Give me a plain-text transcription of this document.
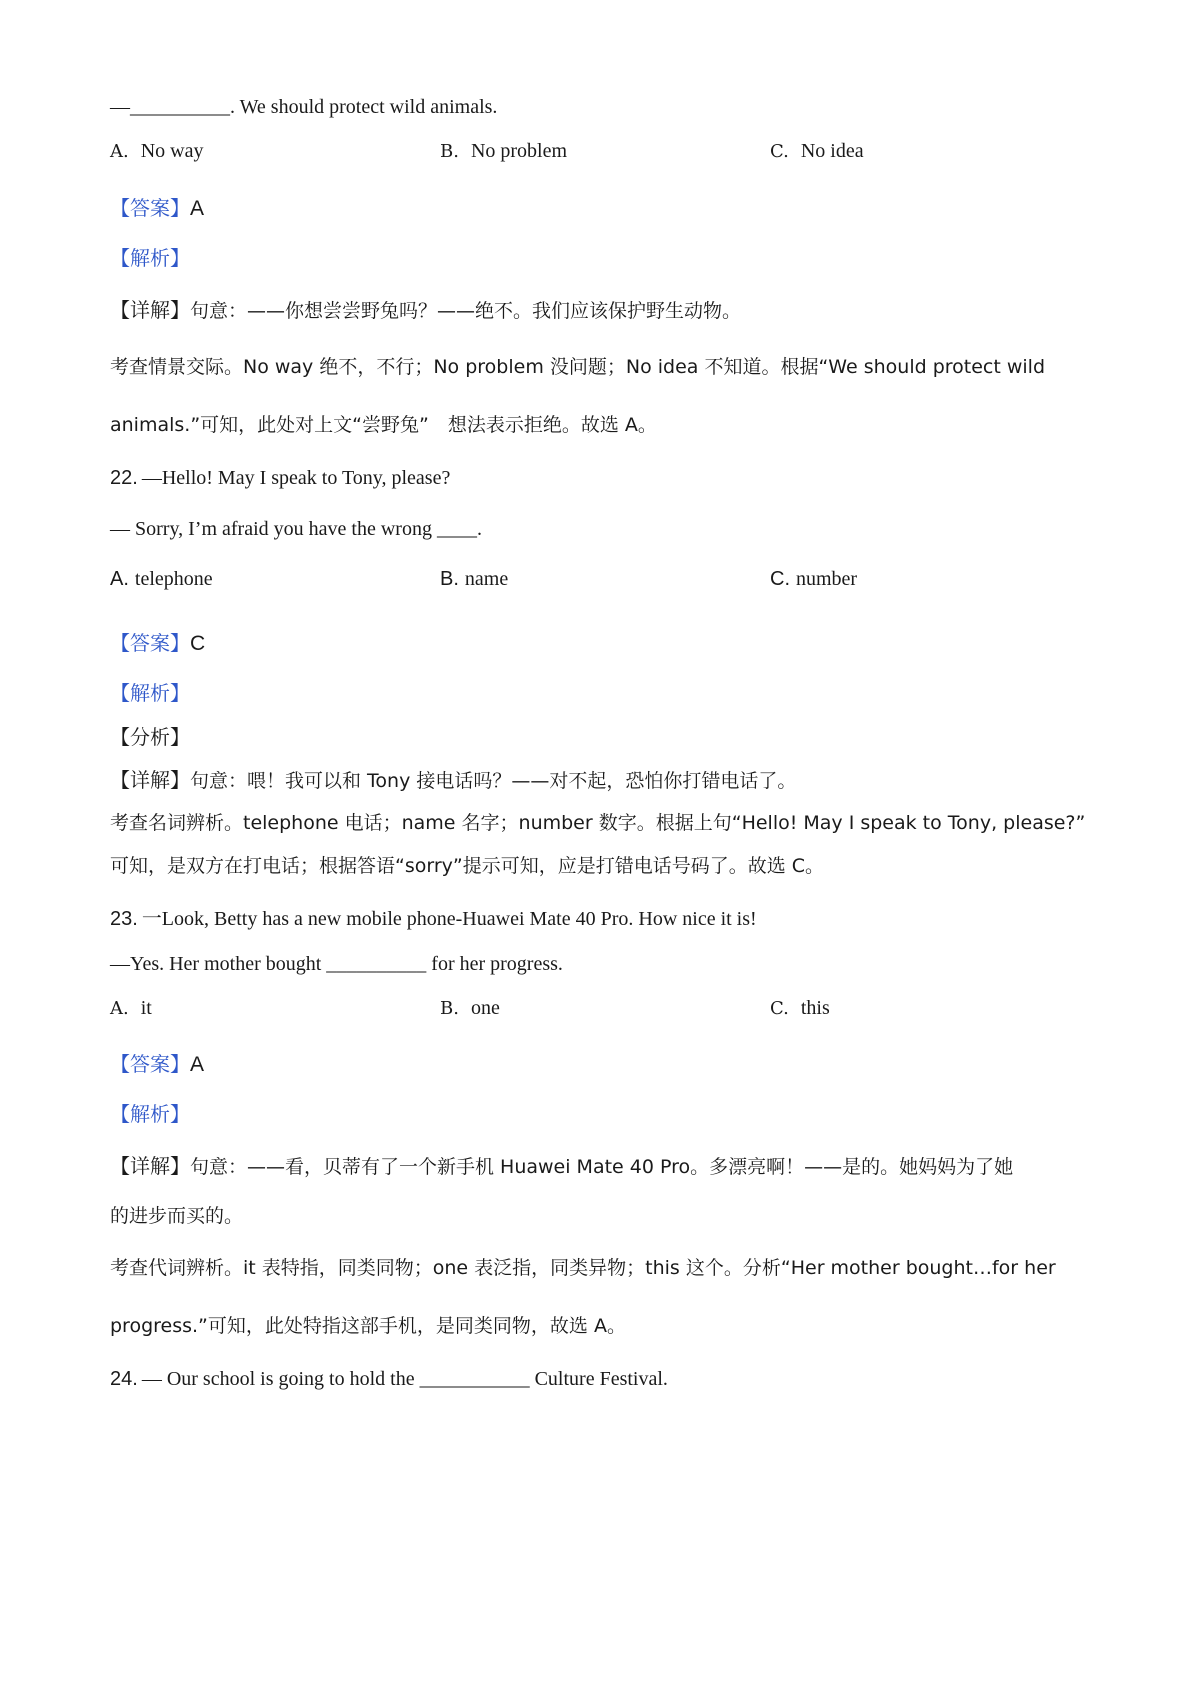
—__________. We should protect wild animals.
A. No way	B. No problem	C. No idea
【答案】A
【解析】
【详解】句意：——你想尝尝野兔吗？——绝不。我们应该保护野生动物。
考查情景交际。No way 绝不，不行；No problem 没问题；No idea 不知道。根据“We should protect wild
animals.”可知，此处对上文“尝野兔”　想法表示拒绝。故选 A。
22. —Hello! May I speak to Tony, please?
— Sorry, I’m afraid you have the wrong ____.
A. telephone	B. name	C. number
【答案】C
【解析】
【分析】
【详解】句意：喂！我可以和 Tony 接电话吗？——对不起，恐怕你打错电话了。
考查名词辨析。telephone 电话；name 名字；number 数字。根据上句“Hello! May I speak to Tony, please?”
可知，是双方在打电话；根据答语“sorry”提示可知，应是打错电话号码了。故选 C。
23. 一Look, Betty has a new mobile phone-Huawei Mate 40 Pro. How nice it is!
—Yes. Her mother bought __________ for her progress.
A. it	B. one	C. this
【答案】A
【解析】
【详解】句意：——看，贝蒂有了一个新手机 Huawei Mate 40 Pro。多漂亮啊！——是的。她妈妈为了她
的进步而买的。
考查代词辨析。it 表特指，同类同物；one 表泛指，同类异物；this 这个。分析“Her mother bought…for her
progress.”可知，此处特指这部手机，是同类同物，故选 A。
24. — Our school is going to hold the ___________ Culture Festival.
